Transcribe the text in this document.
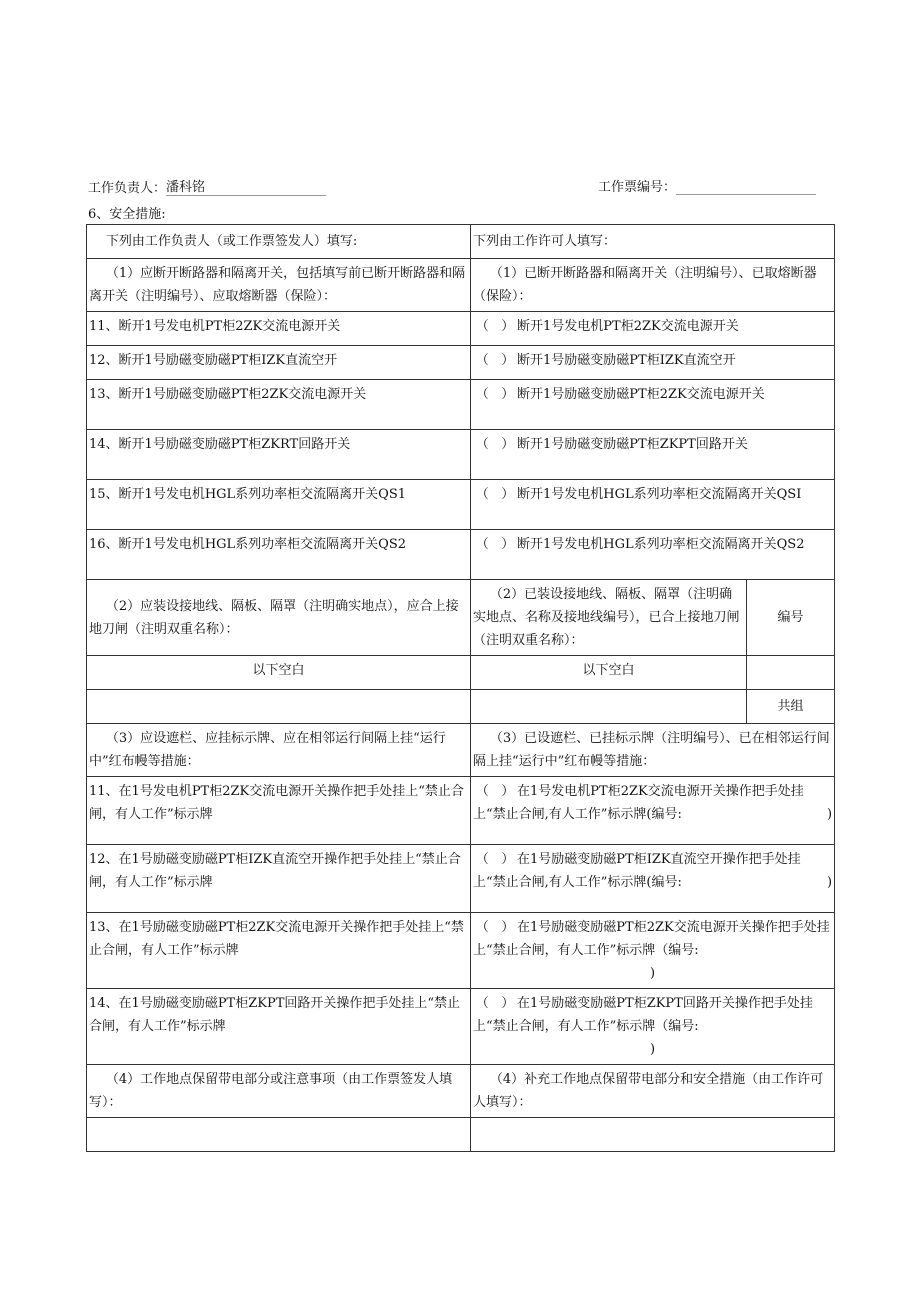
工作负责人：潘科铭	工作票编号：
6、安全措施:
下列由工作负责人（或工作票签发人）填写:	下列由工作许可人填写：	
（1）应断开断路器和隔离开关，包括填写前已断开断路器和隔离开关（注明编号）、应取熔断器（保险）：	（1）已断开断路器和隔离开关（注明编号）、已取熔断器（保险）：	
11、断开1号发电机PT柜2ZK交流电源开关	（ ） 断开1号发电机PT柜2ZK交流电源开关	
12、断开1号励磁变励磁PT柜IZK直流空开	（ ） 断开1号励磁变励磁PT柜IZK直流空开	
13、断开1号励磁变励磁PT柜2ZK交流电源开关	（ ） 断开1号励磁变励磁PT柜2ZK交流电源开关	
14、断开1号励磁变励磁PT柜ZKRT回路开关	（ ） 断开1号励磁变励磁PT柜ZKPT回路开关	
15、断开1号发电机HGL系列功率柜交流隔离开关QS1	（ ） 断开1号发电机HGL系列功率柜交流隔离开关QSI	
16、断开1号发电机HGL系列功率柜交流隔离开关QS2	（ ） 断开1号发电机HGL系列功率柜交流隔离开关QS2	
（2）应装设接地线、隔板、隔罩（注明确实地点），应合上接地刀闸（注明双重名称）：	（2）已装设接地线、隔板、隔罩（注明确实地点、名称及接地线编号），已合上接地刀闸（注明双重名称）：	编号
以下空白	以下空白	
		共组
（3）应设遮栏、应挂标示牌、应在相邻运行间隔上挂“运行中”红布幔等措施：	（3）已设遮栏、已挂标示牌（注明编号）、已在相邻运行间隔上挂“运行中”红布幔等措施：	
11、在1号发电机PT柜2ZK交流电源开关操作把手处挂上“禁止合闸，有人工作”标示牌	（ ） 在1号发电机PT柜2ZK交流电源开关操作把手处挂上“禁止合闸,有人工作”标示牌(编号: )	

12、在1号励磁变励磁PT柜IZK直流空开操作把手处挂上“禁止合闸，有人工作”标示牌	（ ） 在1号励磁变励磁PT柜IZK直流空开操作把手处挂上“禁止合闸,有人工作”标示牌(编号: )	

13、在1号励磁变励磁PT柜2ZK交流电源开关操作把手处挂上“禁止合闸，有人工作”标示牌	（ ） 在1号励磁变励磁PT柜2ZK交流电源开关操作把手处挂上“禁止合闸，有人工作”标示牌（编号:
)	

14、在1号励磁变励磁PT柜ZKPT回路开关操作把手处挂上“禁止合闸，有人工作”标示牌	（ ） 在1号励磁变励磁PT柜ZKPT回路开关操作把手处挂上“禁止合闸，有人工作”标示牌（编号:
)	

（4）工作地点保留带电部分或注意事项（由工作票签发人填写）：	（4）补充工作地点保留带电部分和安全措施（由工作许可人填写）：	
